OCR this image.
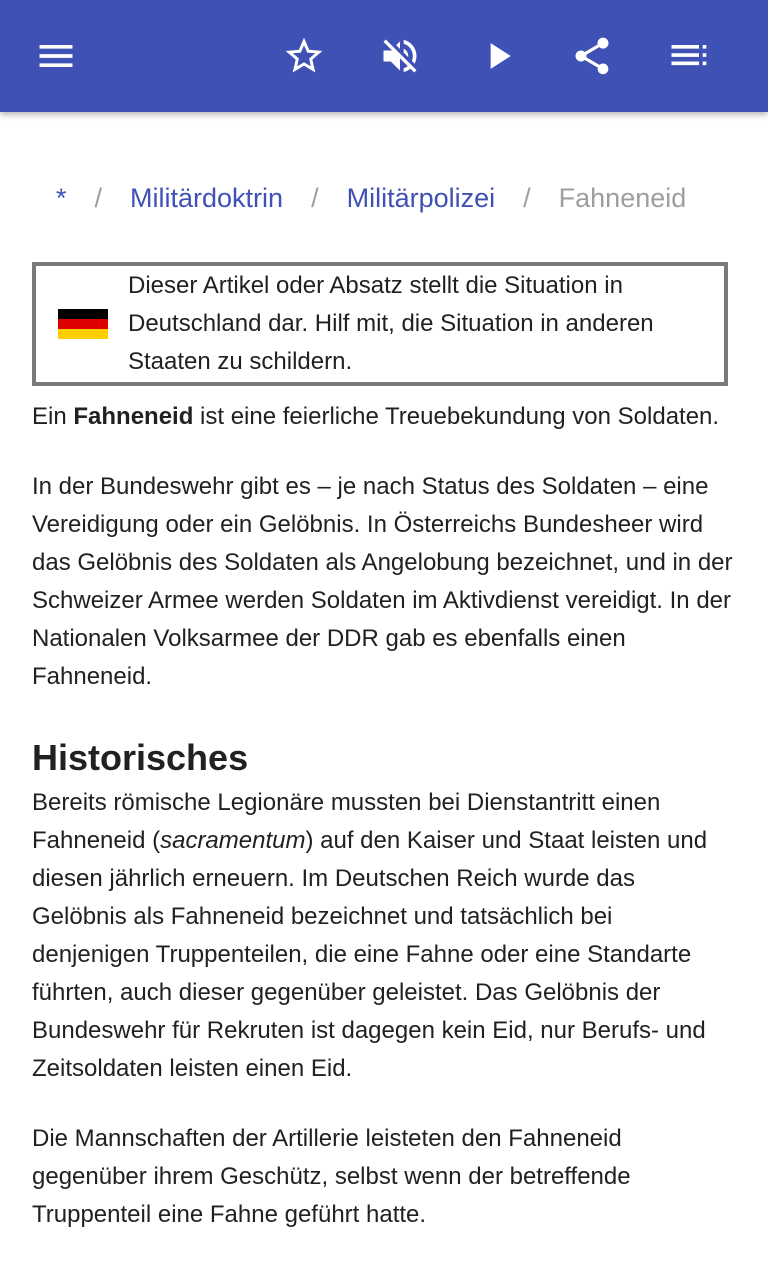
* / Militärdoktrin / Militärpolizei / Fahneneid
Dieser Artikel oder Absatz stellt die Situation in Deutschland dar. Hilf mit, die Situation in anderen Staaten zu schildern.

Ein Fahneneid ist eine feierliche Treuebekundung von Soldaten.

In der Bundeswehr gibt es – je nach Status des Soldaten – eine Vereidigung oder ein Gelöbnis. In Österreichs Bundesheer wird das Gelöbnis des Soldaten als Angelobung bezeichnet, und in der Schweizer Armee werden Soldaten im Aktivdienst vereidigt. In der Nationalen Volksarmee der DDR gab es ebenfalls einen Fahneneid.

Historisches

Bereits römische Legionäre mussten bei Dienstantritt einen Fahneneid (sacramentum) auf den Kaiser und Staat leisten und diesen jährlich erneuern. Im Deutschen Reich wurde das Gelöbnis als Fahneneid bezeichnet und tatsächlich bei denjenigen Truppenteilen, die eine Fahne oder eine Standarte führten, auch dieser gegenüber geleistet. Das Gelöbnis der Bundeswehr für Rekruten ist dagegen kein Eid, nur Berufs- und Zeitsoldaten leisten einen Eid.

Die Mannschaften der Artillerie leisteten den Fahneneid gegenüber ihrem Geschütz, selbst wenn der betreffende Truppenteil eine Fahne geführt hatte.
